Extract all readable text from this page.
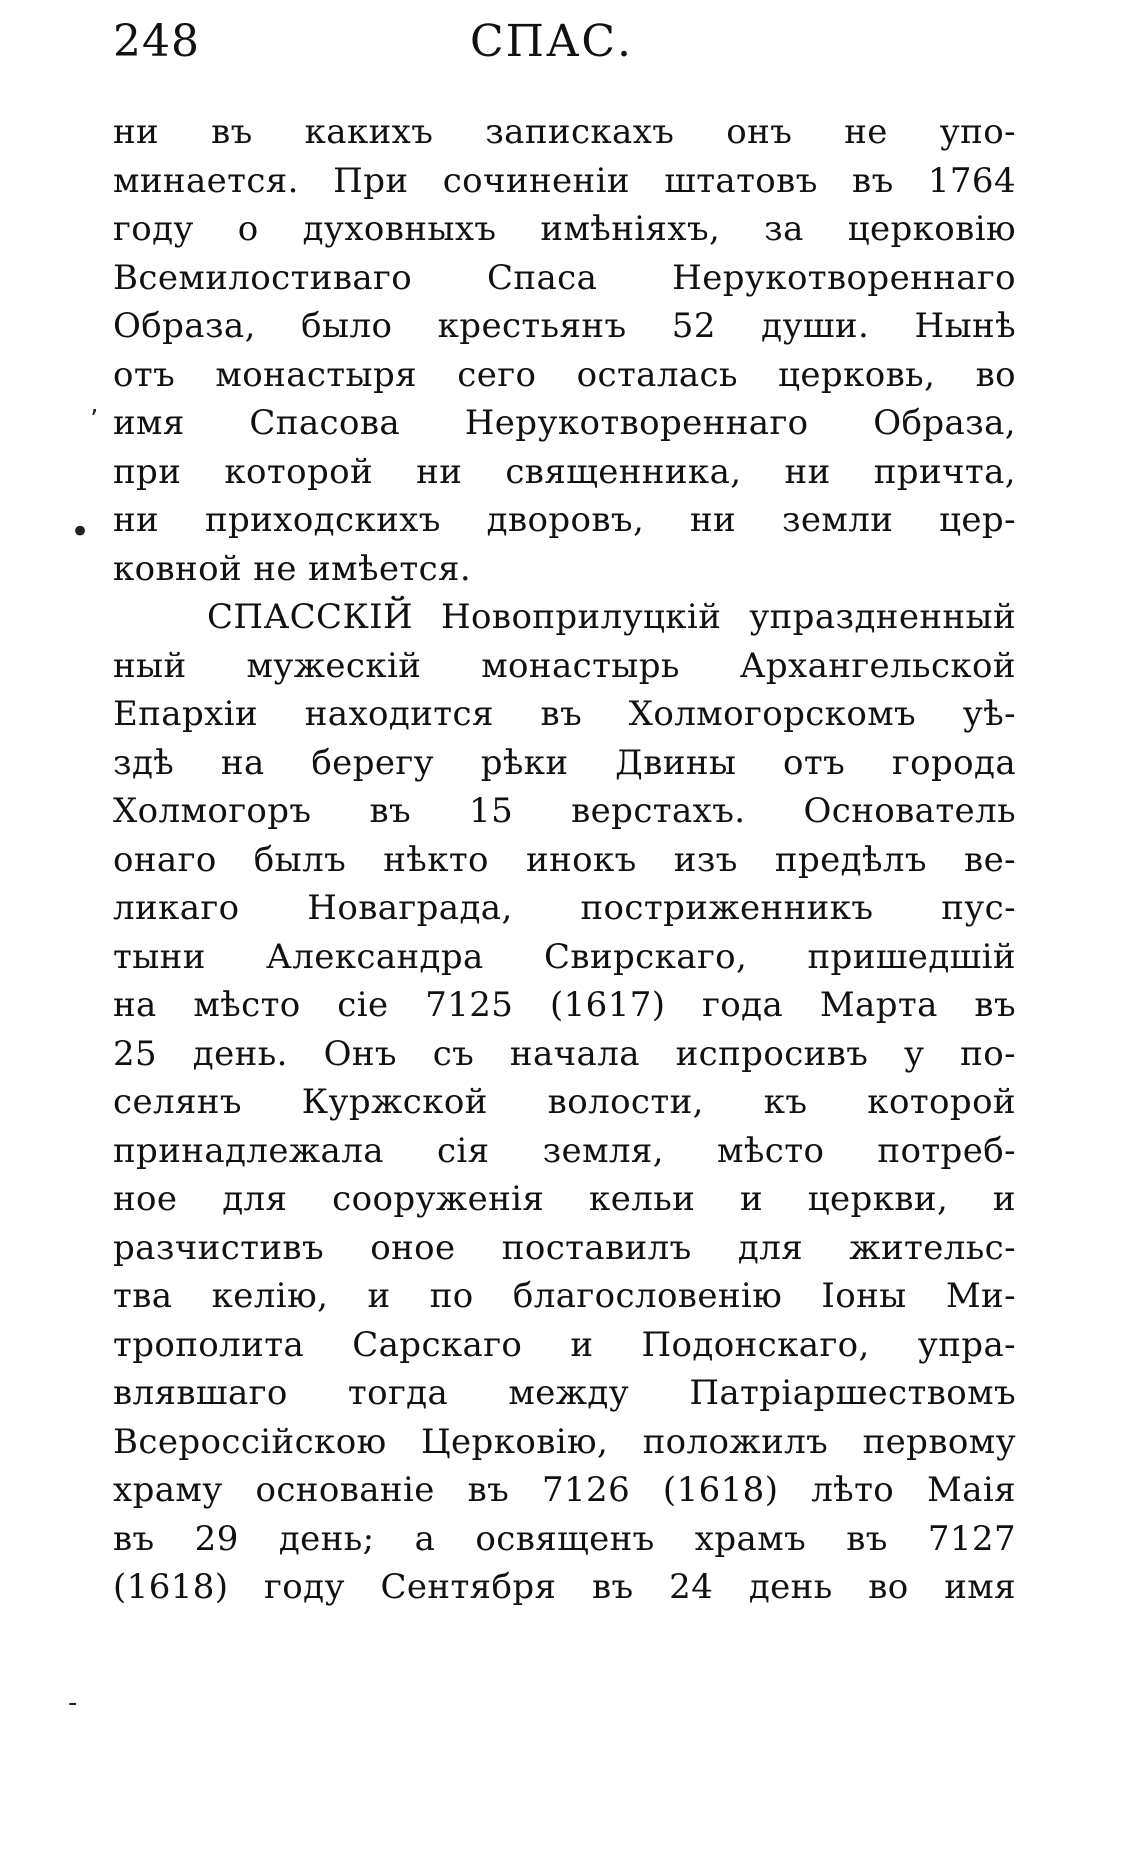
248	СПАС.
ни въ какихъ запискахъ онъ не упо-
минается. При сочиненіи штатовъ въ 1764
году о духовныхъ имѣніяхъ, за церковію
Всемилостиваго Спаса Нерукотвореннаго
Образа, было крестьянъ 52 души. Нынѣ
отъ монастыря сего осталась церковь, во
имя Спасова Нерукотвореннаго Образа,
при которой ни священника, ни причта,
ни приходскихъ дворовъ, ни земли цер-
ковной не имѣется.
СПАССКІЙ Новоприлуцкій упраздненный
ный мужескій монастырь Архангельской
Епархіи находится въ Холмогорскомъ уѣ-
здѣ на берегу рѣки Двины отъ города
Холмогоръ въ 15 верстахъ. Основатель
онаго былъ нѣкто инокъ изъ предѣлъ ве-
ликаго Новаграда, постриженникъ пус-
тыни Александра Свирскаго, пришедшій
на мѣсто сіе 7125 (1617) года Марта въ
25 день. Онъ съ начала испросивъ у по-
селянъ Куржской волости, къ которой
принадлежала сія земля, мѣсто потреб-
ное для сооруженія кельи и церкви, и
разчистивъ оное поставилъ для жительс-
тва келію, и по благословенію Іоны Ми-
трополита Сарскаго и Подонскаго, упра-
влявшаго тогда между Патріаршествомъ
Всероссійскою Церковію, положилъ первому
храму основаніе въ 7126 (1618) лѣто Маія
въ 29 день; а освященъ храмъ въ 7127
(1618) году Сентября въ 24 день во имя
ʼ
•
-
